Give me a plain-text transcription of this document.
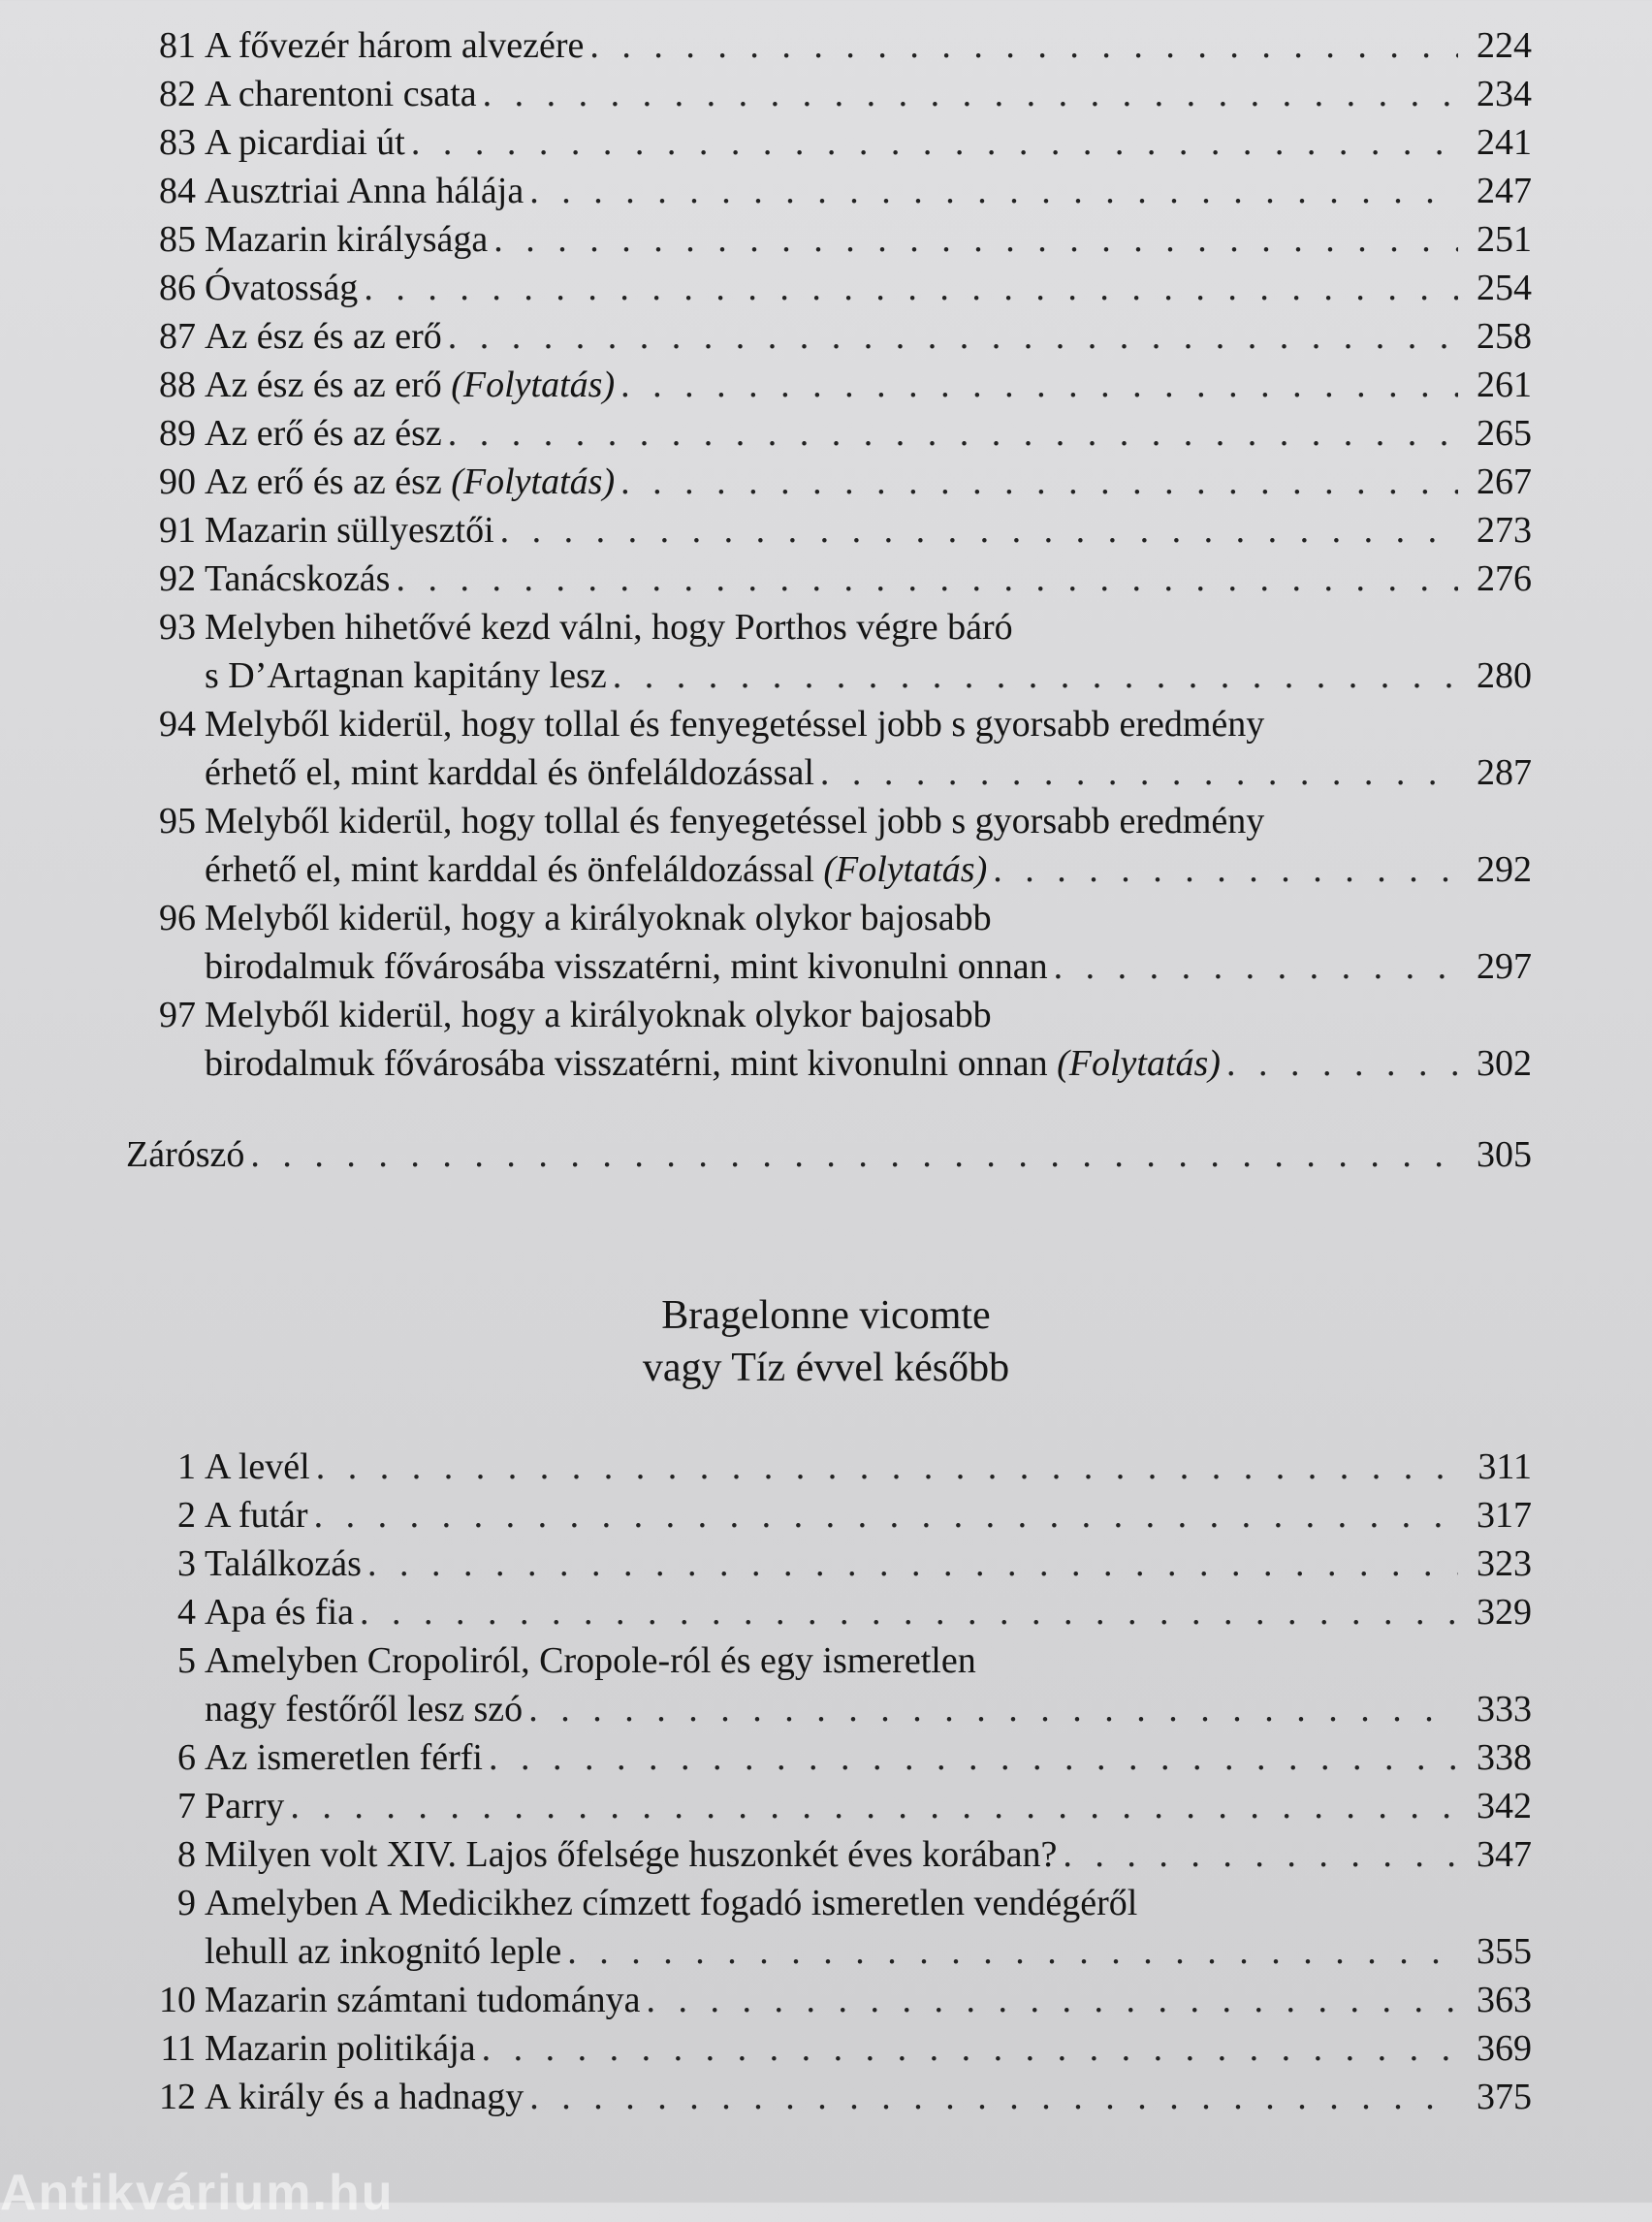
81 A fővezér három alvezére . . .	224
82 A charentoni csata . . .	234
83 A picardiai út . . .	241
84 Ausztriai Anna hálája . . .	247
85 Mazarin királysága . . .	251
86 Óvatosság . . .	254
87 Az ész és az erő . . .	258
88 Az ész és az erő (Folytatás) . . .	261
89 Az erő és az ész . . .	265
90 Az erő és az ész (Folytatás) . . .	267
91 Mazarin süllyesztői . . .	273
92 Tanácskozás . . .	276
93 Melyben hihetővé kezd válni, hogy Porthos végre báró
s D’Artagnan kapitány lesz . . .	280
94 Melyből kiderül, hogy tollal és fenyegetéssel jobb s gyorsabb eredmény
érhető el, mint karddal és önfeláldozással . . .	287
95 Melyből kiderül, hogy tollal és fenyegetéssel jobb s gyorsabb eredmény
érhető el, mint karddal és önfeláldozással (Folytatás) . . .	292
96 Melyből kiderül, hogy a királyoknak olykor bajosabb
birodalmuk fővárosába visszatérni, mint kivonulni onnan . . .	297
97 Melyből kiderül, hogy a királyoknak olykor bajosabb
birodalmuk fővárosába visszatérni, mint kivonulni onnan (Folytatás) . . .	302
Zárószó . . .	305
Bragelonne vicomte
vagy Tíz évvel később
1 A levél . . .	311
2 A futár . . .	317
3 Találkozás . . .	323
4 Apa és fia . . .	329
5 Amelyben Cropoliról, Cropole-ról és egy ismeretlen
nagy festőről lesz szó . . .	333
6 Az ismeretlen férfi . . .	338
7 Parry . . .	342
8 Milyen volt XIV. Lajos őfelsége huszonkét éves korában? . . .	347
9 Amelyben A Medicikhez címzett fogadó ismeretlen vendégéről
lehull az inkognitó leple . . .	355
10 Mazarin számtani tudománya . . .	363
11 Mazarin politikája . . .	369
12 A király és a hadnagy . . .	375
Antikvárium.hu
